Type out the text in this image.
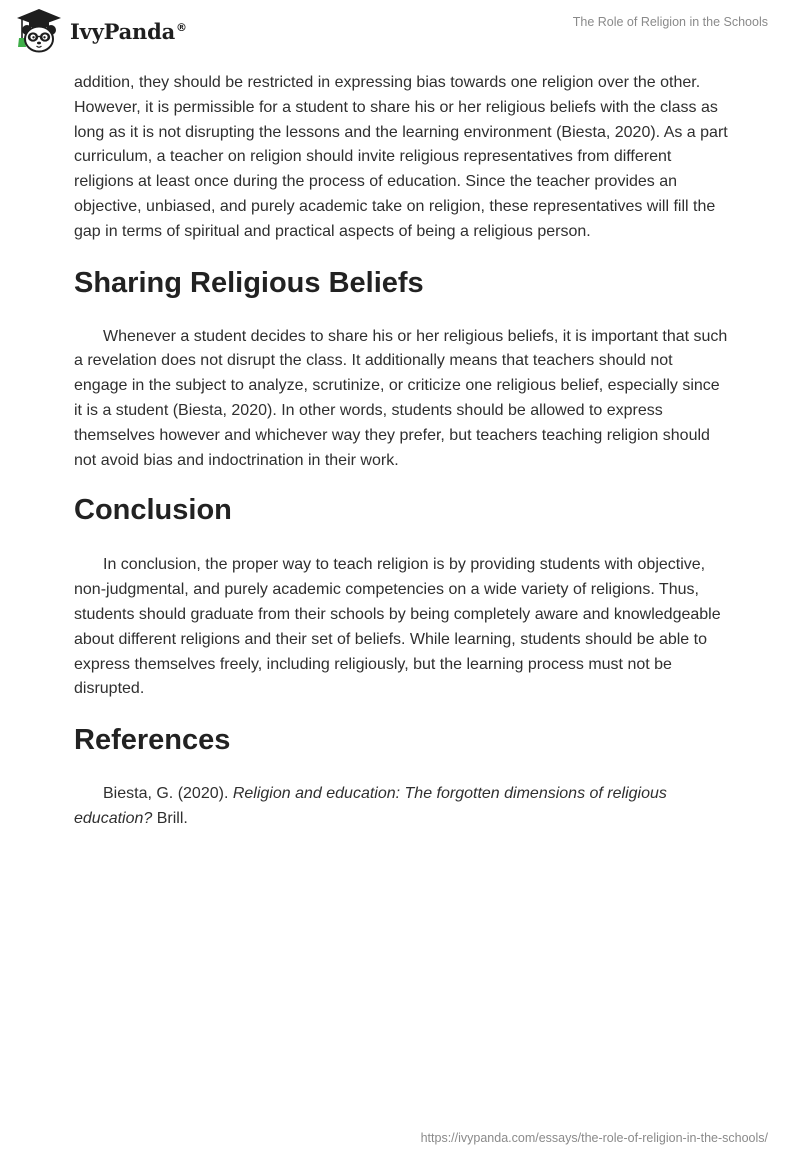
IvyPanda®	The Role of Religion in the Schools

addition, they should be restricted in expressing bias towards one religion over the other. However, it is permissible for a student to share his or her religious beliefs with the class as long as it is not disrupting the lessons and the learning environment (Biesta, 2020). As a part curriculum, a teacher on religion should invite religious representatives from different religions at least once during the process of education. Since the teacher provides an objective, unbiased, and purely academic take on religion, these representatives will fill the gap in terms of spiritual and practical aspects of being a religious person.

Sharing Religious Beliefs

Whenever a student decides to share his or her religious beliefs, it is important that such a revelation does not disrupt the class. It additionally means that teachers should not engage in the subject to analyze, scrutinize, or criticize one religious belief, especially since it is a student (Biesta, 2020). In other words, students should be allowed to express themselves however and whichever way they prefer, but teachers teaching religion should not avoid bias and indoctrination in their work.

Conclusion

In conclusion, the proper way to teach religion is by providing students with objective, non-judgmental, and purely academic competencies on a wide variety of religions. Thus, students should graduate from their schools by being completely aware and knowledgeable about different religions and their set of beliefs. While learning, students should be able to express themselves freely, including religiously, but the learning process must not be disrupted.

References

Biesta, G. (2020). Religion and education: The forgotten dimensions of religious education? Brill.

https://ivypanda.com/essays/the-role-of-religion-in-the-schools/
